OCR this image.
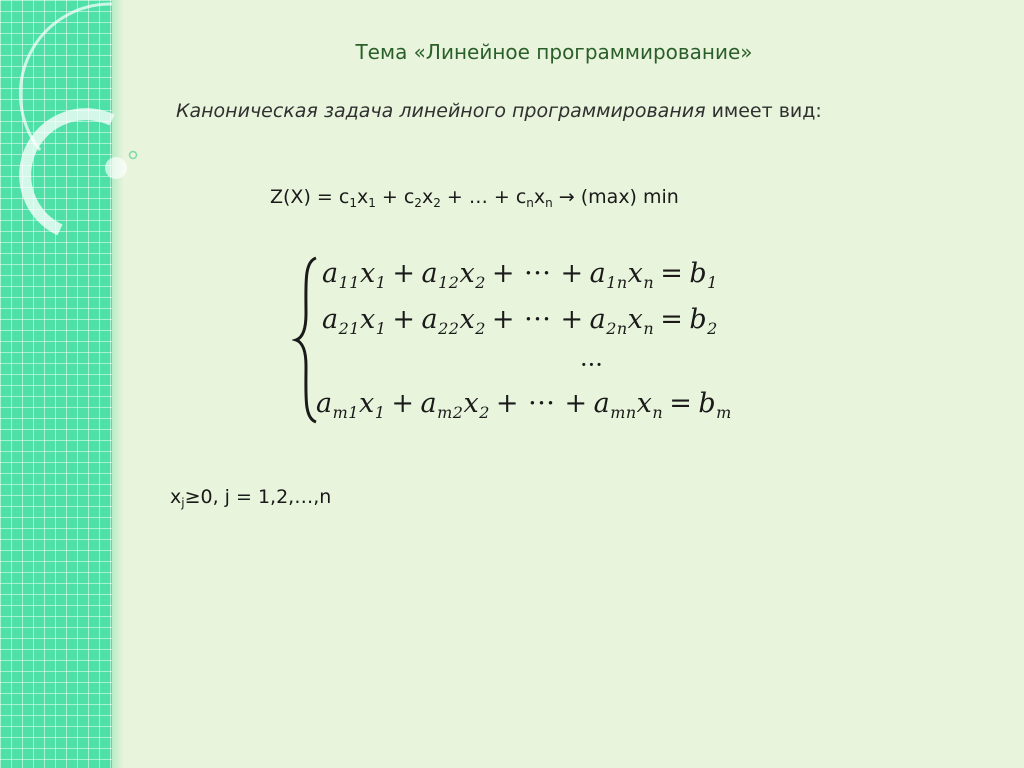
Тема «Линейное программирование»
Каноническая задача линейного программирования имеет вид:
$Z(X) = c_1x_1 + c_2x_2$ + … + $c_nx_n \to (\max)$ min
$a_{11}x_1 + a_{12}x_2$ + ··· + $a_{1n}x_n = b_1$
$a_{21}x_1 + a_{22}x_2$ + ··· + $a_{2n}x_n = b_2$
···
$a_{m1}x_1 + a_{m2}x_2$ + ··· + $a_{mn}x_n = b_m$
$x_j\ge 0$, j = 1,2,…,n
